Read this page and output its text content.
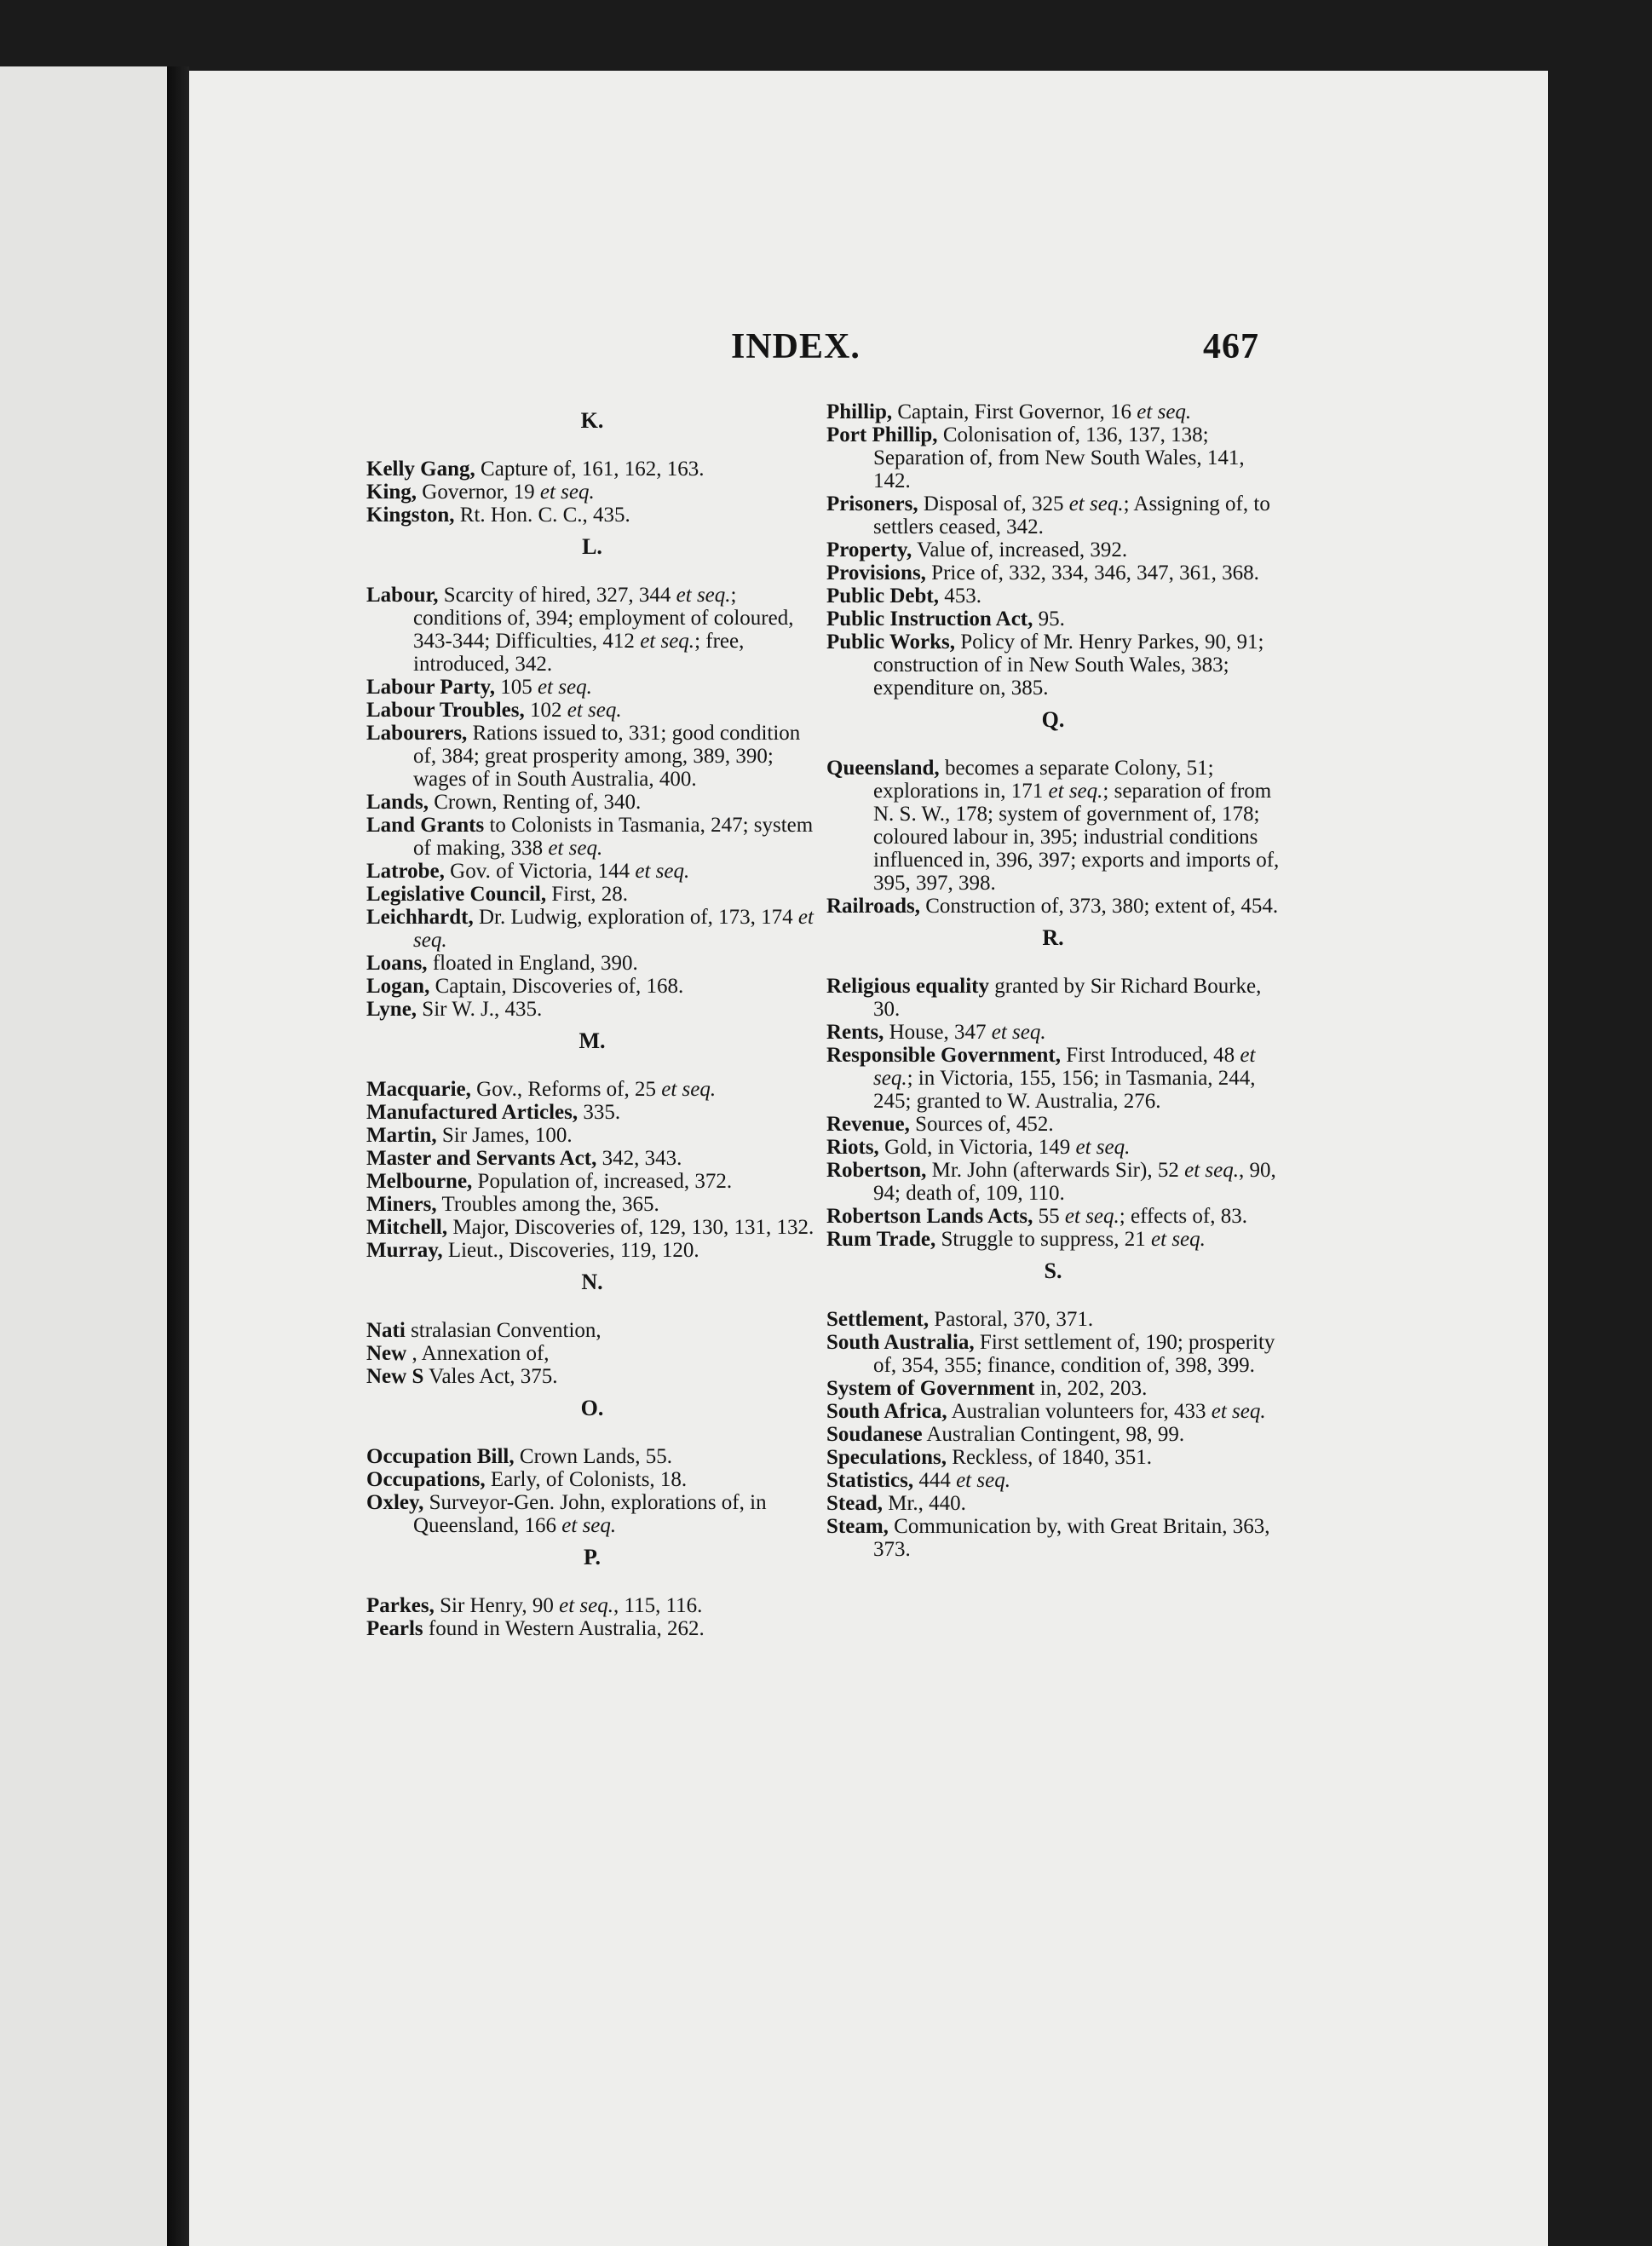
INDEX.	467
K.

Kelly Gang, Capture of, 161, 162, 163.

King, Governor, 19 et seq.

Kingston, Rt. Hon. C. C., 435.

L.

Labour, Scarcity of hired, 327, 344 et seq.; conditions of, 394; employment of coloured, 343-344; Difficulties, 412 et seq.; free, introduced, 342.

Labour Party, 105 et seq.

Labour Troubles, 102 et seq.

Labourers, Rations issued to, 331; good condition of, 384; great prosperity among, 389, 390; wages of in South Australia, 400.

Lands, Crown, Renting of, 340.

Land Grants to Colonists in Tasmania, 247; system of making, 338 et seq.

Latrobe, Gov. of Victoria, 144 et seq.

Legislative Council, First, 28.

Leichhardt, Dr. Ludwig, exploration of, 173, 174 et seq.

Loans, floated in England, 390.

Logan, Captain, Discoveries of, 168.

Lyne, Sir W. J., 435.

M.

Macquarie, Gov., Reforms of, 25 et seq.

Manufactured Articles, 335.

Martin, Sir James, 100.

Master and Servants Act, 342, 343.

Melbourne, Population of, increased, 372.

Miners, Troubles among the, 365.

Mitchell, Major, Discoveries of, 129, 130, 131, 132.

Murray, Lieut., Discoveries, 119, 120.

N.

Nati stralasian Convention,

New , Annexation of,

New S Vales Act, 375.

O.

Occupation Bill, Crown Lands, 55.

Occupations, Early, of Colonists, 18.

Oxley, Surveyor-Gen. John, explorations of, in Queensland, 166 et seq.

P.

Parkes, Sir Henry, 90 et seq., 115, 116.

Pearls found in Western Australia, 262.

Phillip, Captain, First Governor, 16 et seq.

Port Phillip, Colonisation of, 136, 137, 138; Separation of, from New South Wales, 141, 142.

Prisoners, Disposal of, 325 et seq.; Assigning of, to settlers ceased, 342.

Property, Value of, increased, 392.

Provisions, Price of, 332, 334, 346, 347, 361, 368.

Public Debt, 453.

Public Instruction Act, 95.

Public Works, Policy of Mr. Henry Parkes, 90, 91; construction of in New South Wales, 383; expenditure on, 385.

Q.

Queensland, becomes a separate Colony, 51; explorations in, 171 et seq.; separation of from N. S. W., 178; system of government of, 178; coloured labour in, 395; industrial conditions influenced in, 396, 397; exports and imports of, 395, 397, 398.

Railroads, Construction of, 373, 380; extent of, 454.

R.

Religious equality granted by Sir Richard Bourke, 30.

Rents, House, 347 et seq.

Responsible Government, First Introduced, 48 et seq.; in Victoria, 155, 156; in Tasmania, 244, 245; granted to W. Australia, 276.

Revenue, Sources of, 452.

Riots, Gold, in Victoria, 149 et seq.

Robertson, Mr. John (afterwards Sir), 52 et seq., 90, 94; death of, 109, 110.

Robertson Lands Acts, 55 et seq.; effects of, 83.

Rum Trade, Struggle to suppress, 21 et seq.

S.

Settlement, Pastoral, 370, 371.

South Australia, First settlement of, 190; prosperity of, 354, 355; finance, condition of, 398, 399.

System of Government in, 202, 203.

South Africa, Australian volunteers for, 433 et seq.

Soudanese Australian Contingent, 98, 99.

Speculations, Reckless, of 1840, 351.

Statistics, 444 et seq.

Stead, Mr., 440.

Steam, Communication by, with Great Britain, 363, 373.
